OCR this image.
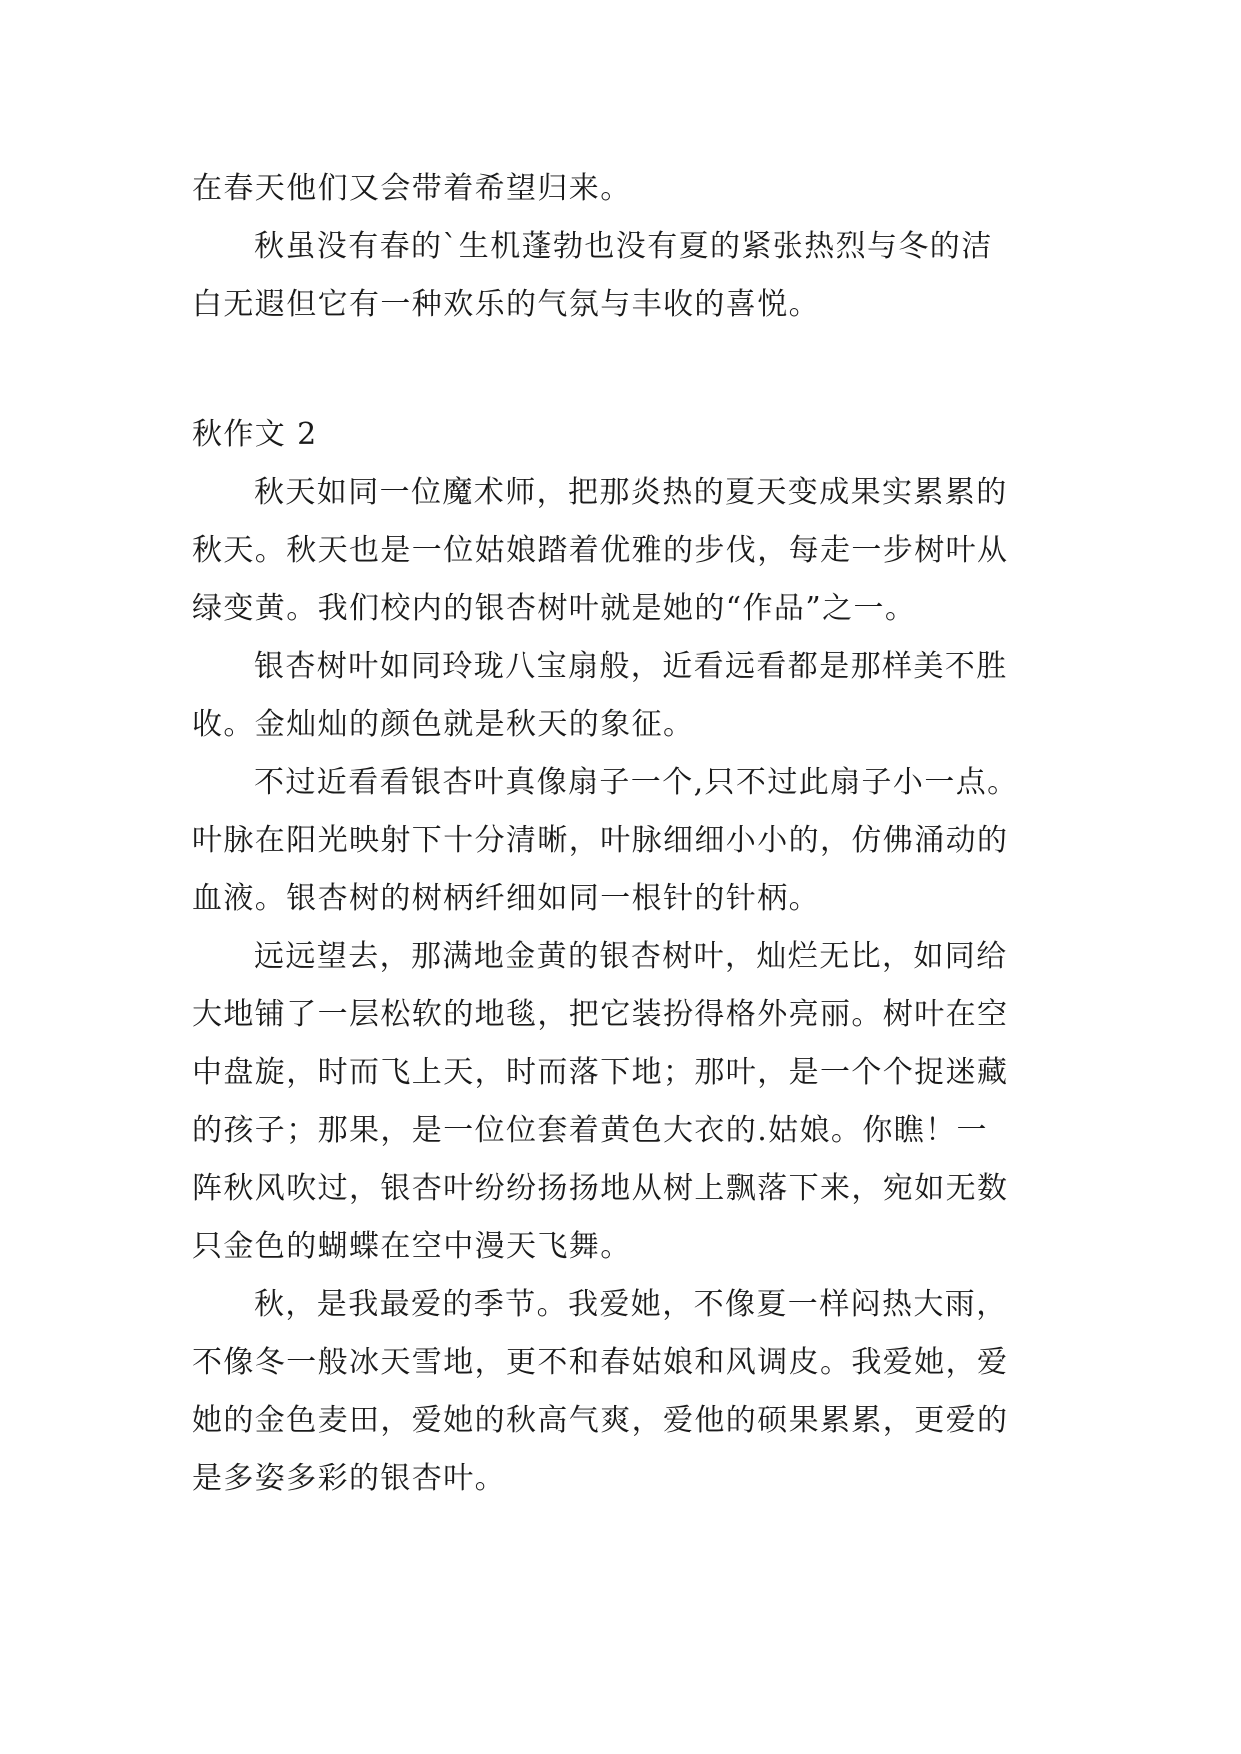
在春天他们又会带着希望归来。
秋虽没有春的`生机蓬勃也没有夏的紧张热烈与冬的洁
白无遐但它有一种欢乐的气氛与丰收的喜悦。
秋作文 2
秋天如同一位魔术师，把那炎热的夏天变成果实累累的
秋天。秋天也是一位姑娘踏着优雅的步伐，每走一步树叶从
绿变黄。我们校内的银杏树叶就是她的“作品”之一。
银杏树叶如同玲珑八宝扇般，近看远看都是那样美不胜
收。金灿灿的颜色就是秋天的象征。
不过近看看银杏叶真像扇子一个,只不过此扇子小一点。
叶脉在阳光映射下十分清晰，叶脉细细小小的，仿佛涌动的
血液。银杏树的树柄纤细如同一根针的针柄。
远远望去，那满地金黄的银杏树叶，灿烂无比，如同给
大地铺了一层松软的地毯，把它装扮得格外亮丽。树叶在空
中盘旋，时而飞上天，时而落下地；那叶，是一个个捉迷藏
的孩子；那果，是一位位套着黄色大衣的.姑娘。你瞧！一
阵秋风吹过，银杏叶纷纷扬扬地从树上飘落下来，宛如无数
只金色的蝴蝶在空中漫天飞舞。
秋，是我最爱的季节。我爱她，不像夏一样闷热大雨，
不像冬一般冰天雪地，更不和春姑娘和风调皮。我爱她，爱
她的金色麦田，爱她的秋高气爽，爱他的硕果累累，更爱的
是多姿多彩的银杏叶。
